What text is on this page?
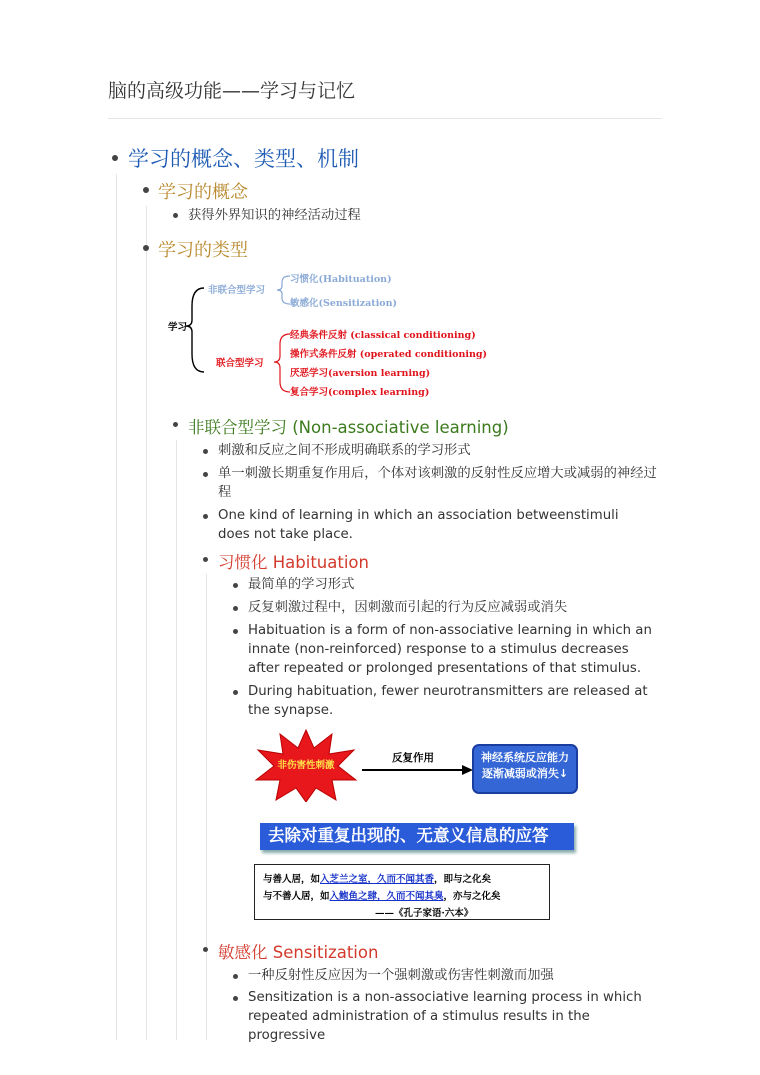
脑的高级功能——学习与记忆
学习的概念、类型、机制
学习的概念
获得外界知识的神经活动过程
学习的类型
学习
非联合型学习
习惯化(Habituation)
敏感化(Sensitization)
联合型学习
经典条件反射 (classical conditioning)
操作式条件反射 (operated conditioning)
厌恶学习(aversion learning)
复合学习(complex learning)
非联合型学习 (Non-associative learning)
刺激和反应之间不形成明确联系的学习形式
单一刺激长期重复作用后，个体对该刺激的反射性反应增大或减弱的神经过程
One kind of learning in which an association betweenstimuli does not take place.
习惯化 Habituation
最简单的学习形式
反复刺激过程中，因刺激而引起的行为反应减弱或消失
Habituation is a form of non-associative learning in which an innate (non-reinforced) response to a stimulus decreases after repeated or prolonged presentations of that stimulus.
During habituation, fewer neurotransmitters are released at the synapse.
非伤害性刺激
反复作用	神经系统反应能力
逐渐减弱或消失↓
去除对重复出现的、无意义信息的应答
与善人居，如入芝兰之室，久而不闻其香，即与之化矣
与不善人居，如入鲍鱼之肆，久而不闻其臭，亦与之化矣
——《孔子家语·六本》
敏感化 Sensitization
一种反射性反应因为一个强刺激或伤害性刺激而加强
Sensitization is a non-associative learning process in which repeated administration of a stimulus results in the progressive
